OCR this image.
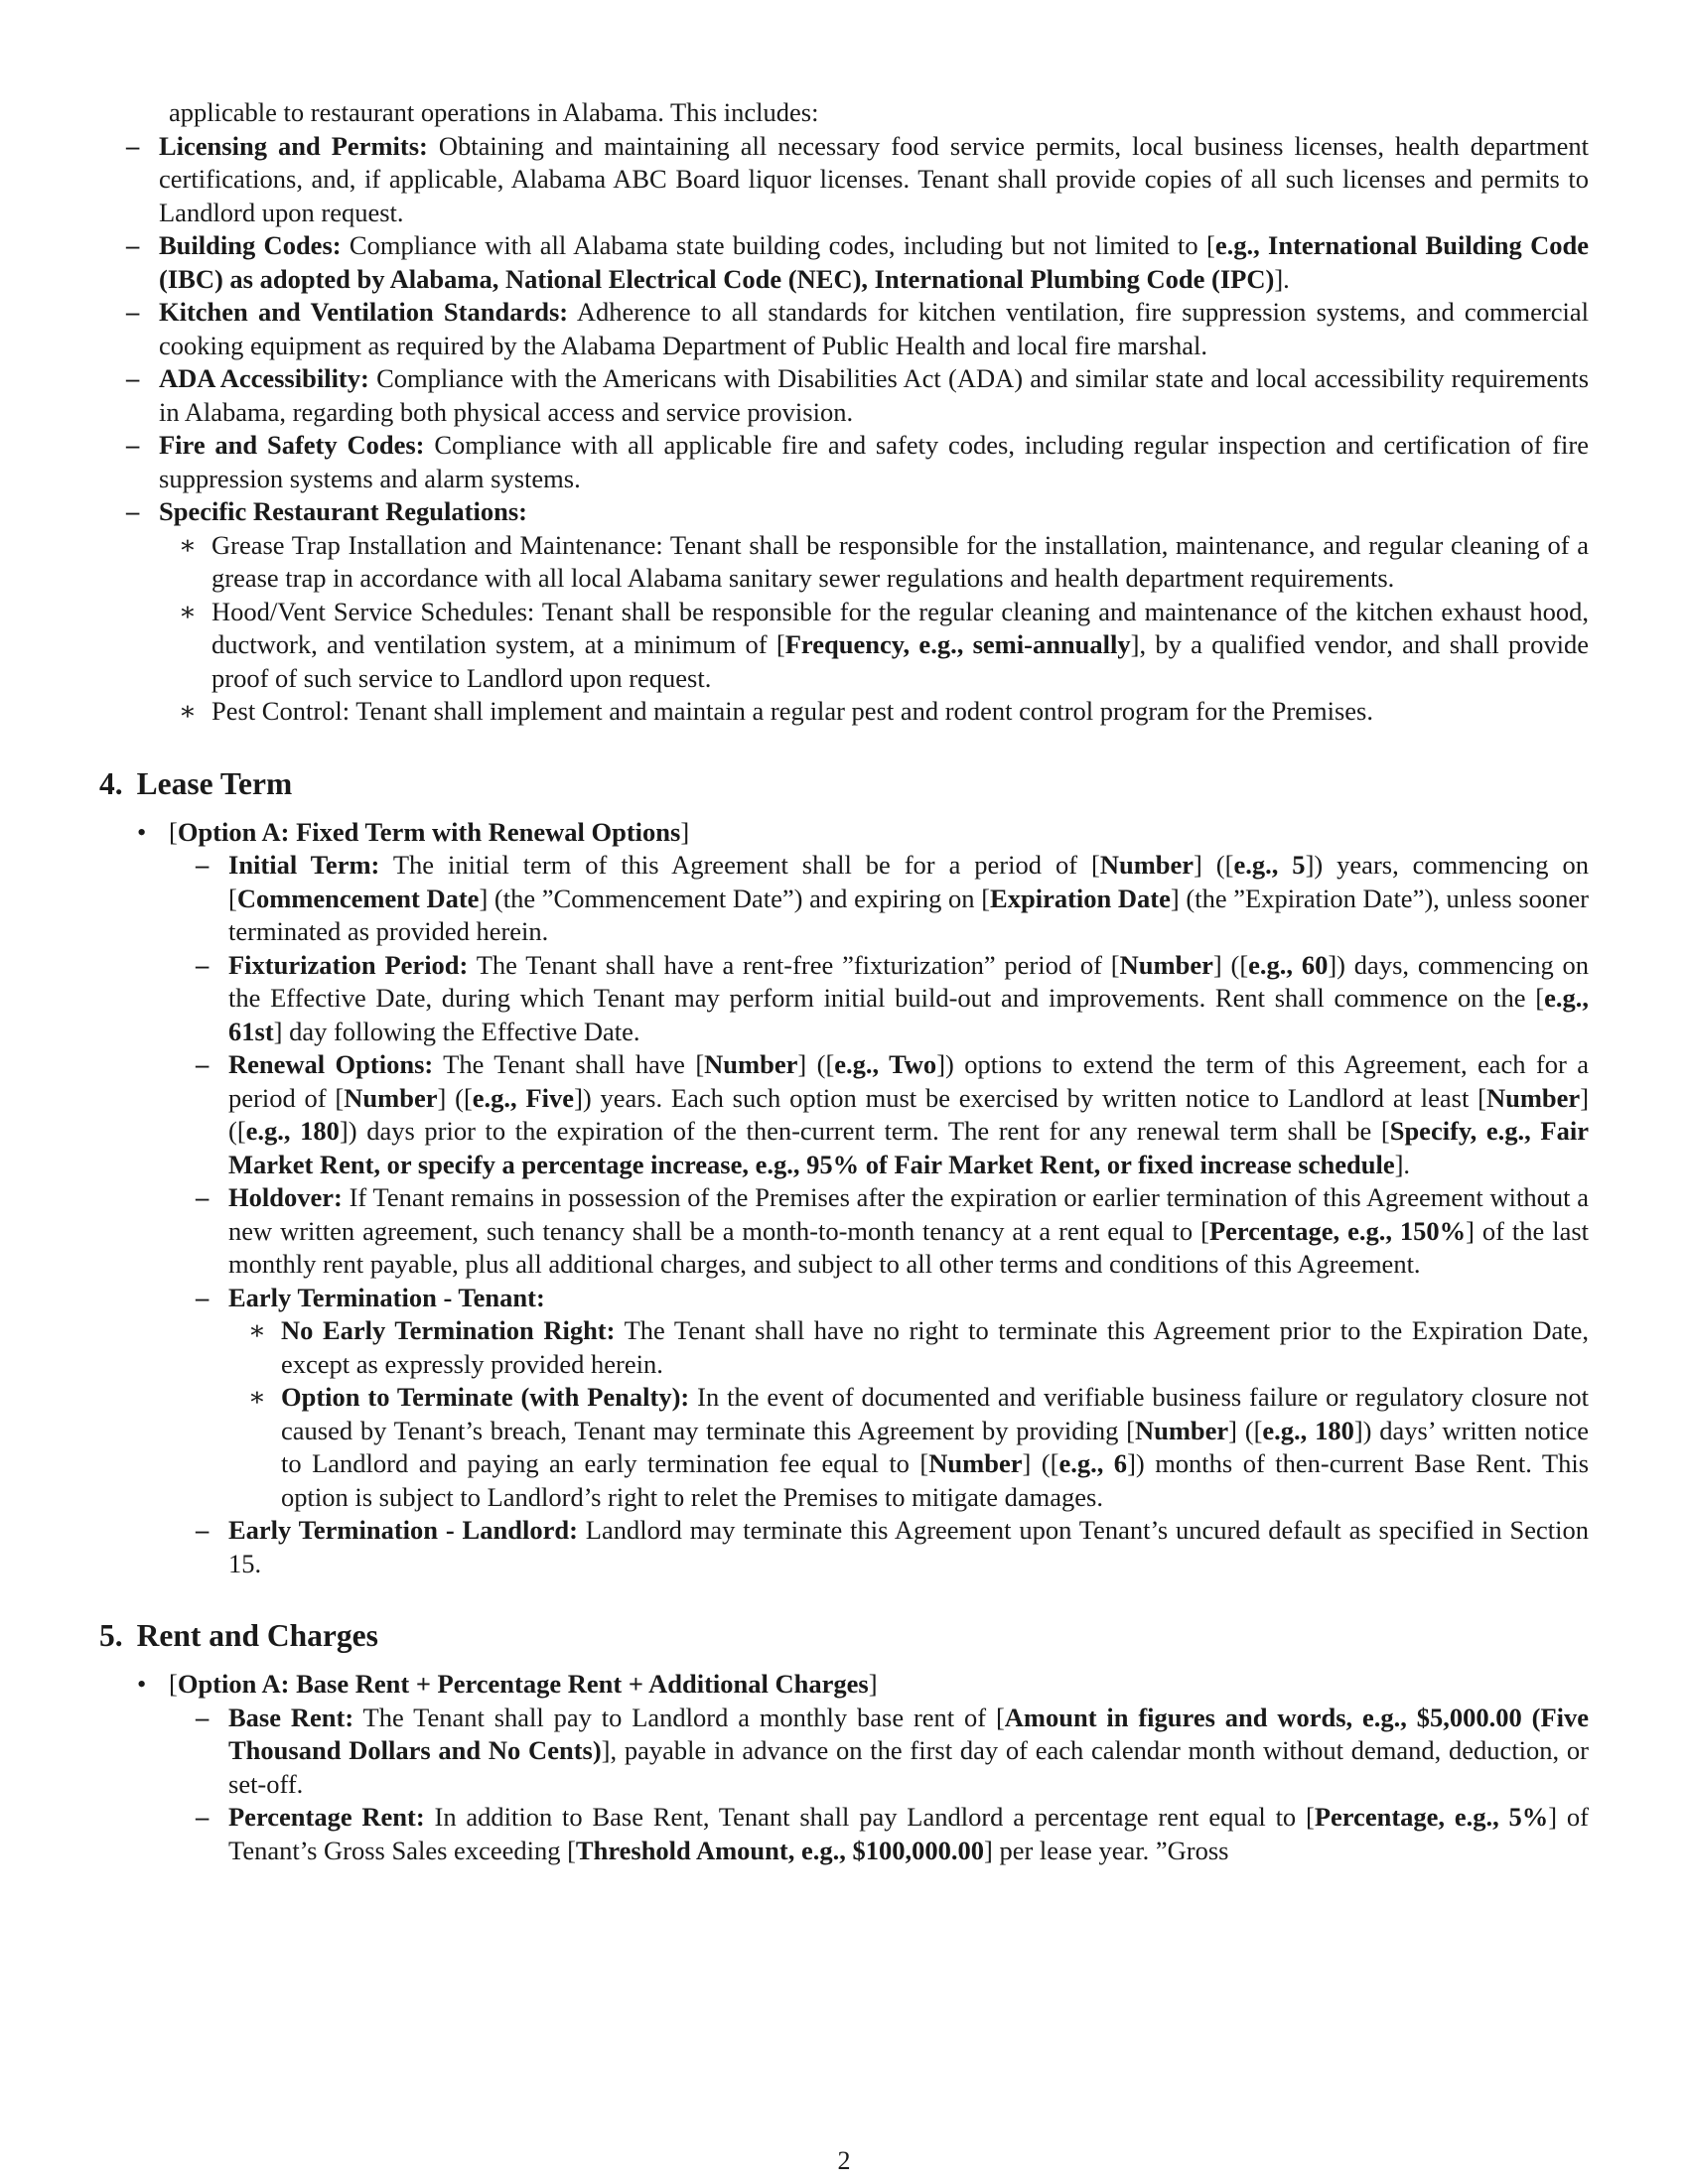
applicable to restaurant operations in Alabama. This includes:
– Licensing and Permits: Obtaining and maintaining all necessary food service permits, local business licenses, health department certifications, and, if applicable, Alabama ABC Board liquor licenses. Tenant shall provide copies of all such licenses and permits to Landlord upon request.
– Building Codes: Compliance with all Alabama state building codes, including but not limited to [e.g., International Building Code (IBC) as adopted by Alabama, National Electrical Code (NEC), International Plumbing Code (IPC)].
– Kitchen and Ventilation Standards: Adherence to all standards for kitchen ventilation, fire suppression systems, and commercial cooking equipment as required by the Alabama Department of Public Health and local fire marshal.
– ADA Accessibility: Compliance with the Americans with Disabilities Act (ADA) and similar state and local accessibility requirements in Alabama, regarding both physical access and service provision.
– Fire and Safety Codes: Compliance with all applicable fire and safety codes, including regular inspection and certification of fire suppression systems and alarm systems.
– Specific Restaurant Regulations:
∗ Grease Trap Installation and Maintenance: Tenant shall be responsible for the installation, maintenance, and regular cleaning of a grease trap in accordance with all local Alabama sanitary sewer regulations and health department requirements.
∗ Hood/Vent Service Schedules: Tenant shall be responsible for the regular cleaning and maintenance of the kitchen exhaust hood, ductwork, and ventilation system, at a minimum of [Frequency, e.g., semi-annually], by a qualified vendor, and shall provide proof of such service to Landlord upon request.
∗ Pest Control: Tenant shall implement and maintain a regular pest and rodent control program for the Premises.
4. Lease Term
• [Option A: Fixed Term with Renewal Options]
– Initial Term: The initial term of this Agreement shall be for a period of [Number] ([e.g., 5]) years, commencing on [Commencement Date] (the ”Commencement Date”) and expiring on [Expiration Date] (the ”Expiration Date”), unless sooner terminated as provided herein.
– Fixturization Period: The Tenant shall have a rent-free ”fixturization” period of [Number] ([e.g., 60]) days, commencing on the Effective Date, during which Tenant may perform initial build-out and improvements. Rent shall commence on the [e.g., 61st] day following the Effective Date.
– Renewal Options: The Tenant shall have [Number] ([e.g., Two]) options to extend the term of this Agreement, each for a period of [Number] ([e.g., Five]) years. Each such option must be exercised by written notice to Landlord at least [Number] ([e.g., 180]) days prior to the expiration of the then-current term. The rent for any renewal term shall be [Specify, e.g., Fair Market Rent, or specify a percentage increase, e.g., 95% of Fair Market Rent, or fixed increase schedule].
– Holdover: If Tenant remains in possession of the Premises after the expiration or earlier termination of this Agreement without a new written agreement, such tenancy shall be a month-to-month tenancy at a rent equal to [Percentage, e.g., 150%] of the last monthly rent payable, plus all additional charges, and subject to all other terms and conditions of this Agreement.
– Early Termination - Tenant:
∗ No Early Termination Right: The Tenant shall have no right to terminate this Agreement prior to the Expiration Date, except as expressly provided herein.
∗ Option to Terminate (with Penalty): In the event of documented and verifiable business failure or regulatory closure not caused by Tenant’s breach, Tenant may terminate this Agreement by providing [Number] ([e.g., 180]) days’ written notice to Landlord and paying an early termination fee equal to [Number] ([e.g., 6]) months of then-current Base Rent. This option is subject to Landlord’s right to relet the Premises to mitigate damages.
– Early Termination - Landlord: Landlord may terminate this Agreement upon Tenant’s uncured default as specified in Section 15.
5. Rent and Charges
• [Option A: Base Rent + Percentage Rent + Additional Charges]
– Base Rent: The Tenant shall pay to Landlord a monthly base rent of [Amount in figures and words, e.g., $5,000.00 (Five Thousand Dollars and No Cents)], payable in advance on the first day of each calendar month without demand, deduction, or set-off.
– Percentage Rent: In addition to Base Rent, Tenant shall pay Landlord a percentage rent equal to [Percentage, e.g., 5%] of Tenant’s Gross Sales exceeding [Threshold Amount, e.g., $100,000.00] per lease year. ”Gross
2
